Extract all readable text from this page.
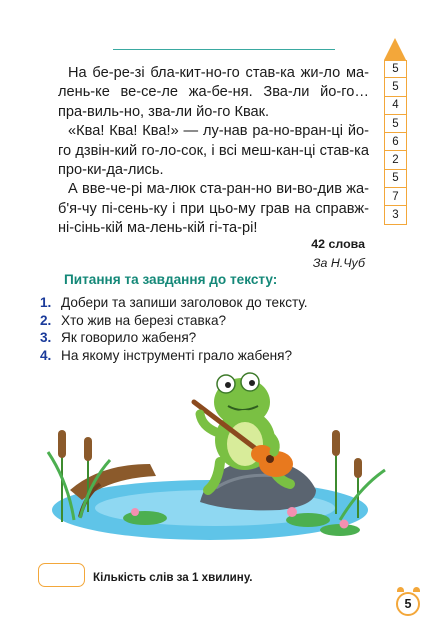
На бе-ре-зі бла-кит-но-го став-ка жи-ло ма-лень-ке ве-се-ле жа-бе-ня. Зва-ли йо-го… пра-виль-но, зва-ли йо-го Квак.

«Ква! Ква! Ква!» — лу-нав ра-но-вран-ці йо-го дзвін-кий го-ло-сок, і всі меш-кан-ці став-ка про-ки-да-лись.

А вве-че-рі ма-люк ста-ран-но ви-во-див жа-б'я-чу пі-сень-ку і при цьо-му грав на справж-ні-сінь-кій ма-лень-кій гі-та-рі!

42 слова
За Н.Чуб
5
5
4
5
6
2
5
7
3
Питання та завдання до тексту:
1. Добери та запиши заголовок до тексту.
2. Хто жив на березі ставка?
3. Як говорило жабеня?
4. На якому інструменті грало жабеня?
Кількість слів за 1 хвилину.
5
